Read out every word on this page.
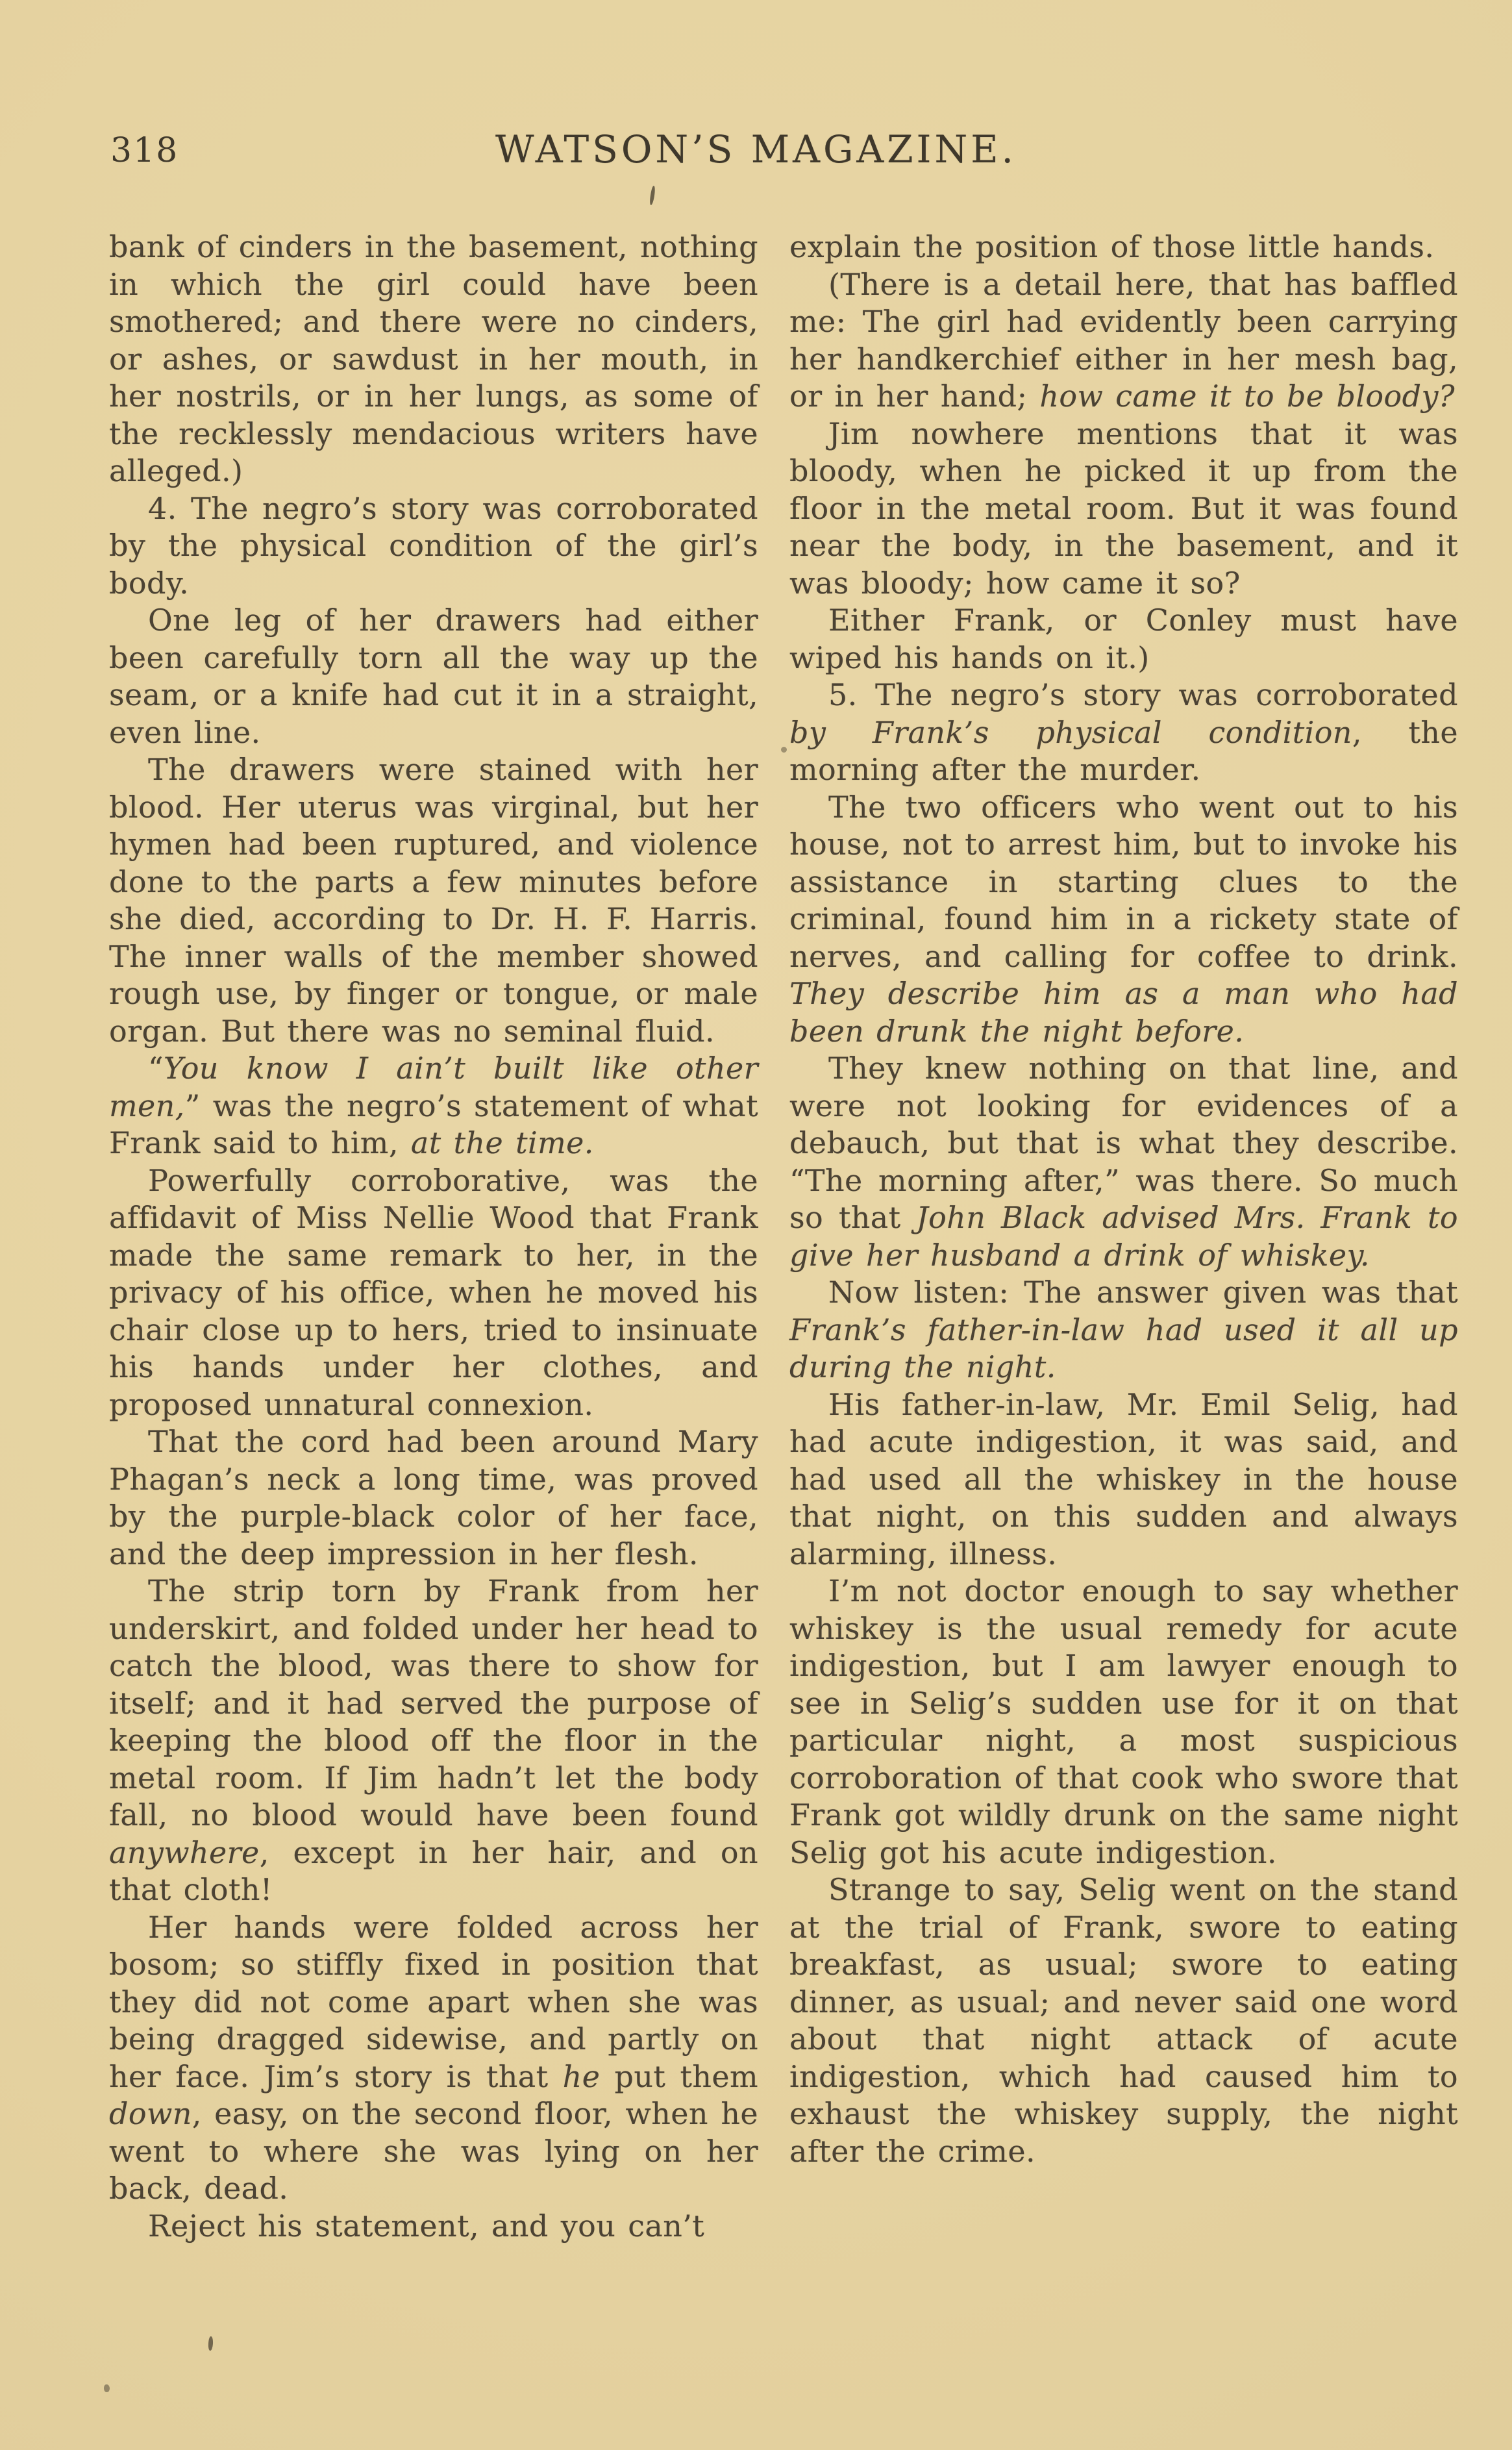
318	WATSON’S MAGAZINE.

bank of cinders in the basement, nothing in which the girl could have been smothered; and there were no cinders, or ashes, or sawdust in her mouth, in her nostrils, or in her lungs, as some of the recklessly mendacious writers have alleged.)

4. The negro’s story was corroborated by the physical condition of the girl’s body.

One leg of her drawers had either been carefully torn all the way up the seam, or a knife had cut it in a straight, even line.

The drawers were stained with her blood. Her uterus was virginal, but her hymen had been ruptured, and violence done to the parts a few minutes before she died, according to Dr. H. F. Harris. The inner walls of the member showed rough use, by finger or tongue, or male organ. But there was no seminal fluid.

“You know I ain’t built like other men,” was the negro’s statement of what Frank said to him, at the time.

Powerfully corroborative, was the affidavit of Miss Nellie Wood that Frank made the same remark to her, in the privacy of his office, when he moved his chair close up to hers, tried to insinuate his hands under her clothes, and proposed unnatural connexion.

That the cord had been around Mary Phagan’s neck a long time, was proved by the purple-black color of her face, and the deep impression in her flesh.

The strip torn by Frank from her underskirt, and folded under her head to catch the blood, was there to show for itself; and it had served the purpose of keeping the blood off the floor in the metal room. If Jim hadn’t let the body fall, no blood would have been found anywhere, except in her hair, and on that cloth!

Her hands were folded across her bosom; so stiffly fixed in position that they did not come apart when she was being dragged sidewise, and partly on her face. Jim’s story is that he put them down, easy, on the second floor, when he went to where she was lying on her back, dead.

Reject his statement, and you can’t

explain the position of those little hands.

(There is a detail here, that has baffled me: The girl had evidently been carrying her handkerchief either in her mesh bag, or in her hand; how came it to be bloody?

Jim nowhere mentions that it was bloody, when he picked it up from the floor in the metal room. But it was found near the body, in the basement, and it was bloody; how came it so?

Either Frank, or Conley must have wiped his hands on it.)

5. The negro’s story was corroborated by Frank’s physical condition, the morning after the murder.

The two officers who went out to his house, not to arrest him, but to invoke his assistance in starting clues to the criminal, found him in a rickety state of nerves, and calling for coffee to drink. They describe him as a man who had been drunk the night before.

They knew nothing on that line, and were not looking for evidences of a debauch, but that is what they describe. “The morning after,” was there. So much so that John Black advised Mrs. Frank to give her husband a drink of whiskey.

Now listen: The answer given was that Frank’s father-in-law had used it all up during the night.

His father-in-law, Mr. Emil Selig, had had acute indigestion, it was said, and had used all the whiskey in the house that night, on this sudden and always alarming, illness.

I’m not doctor enough to say whether whiskey is the usual remedy for acute indigestion, but I am lawyer enough to see in Selig’s sudden use for it on that particular night, a most suspicious corroboration of that cook who swore that Frank got wildly drunk on the same night Selig got his acute indigestion.

Strange to say, Selig went on the stand at the trial of Frank, swore to eating breakfast, as usual; swore to eating dinner, as usual; and never said one word about that night attack of acute indigestion, which had caused him to exhaust the whiskey supply, the night after the crime.
